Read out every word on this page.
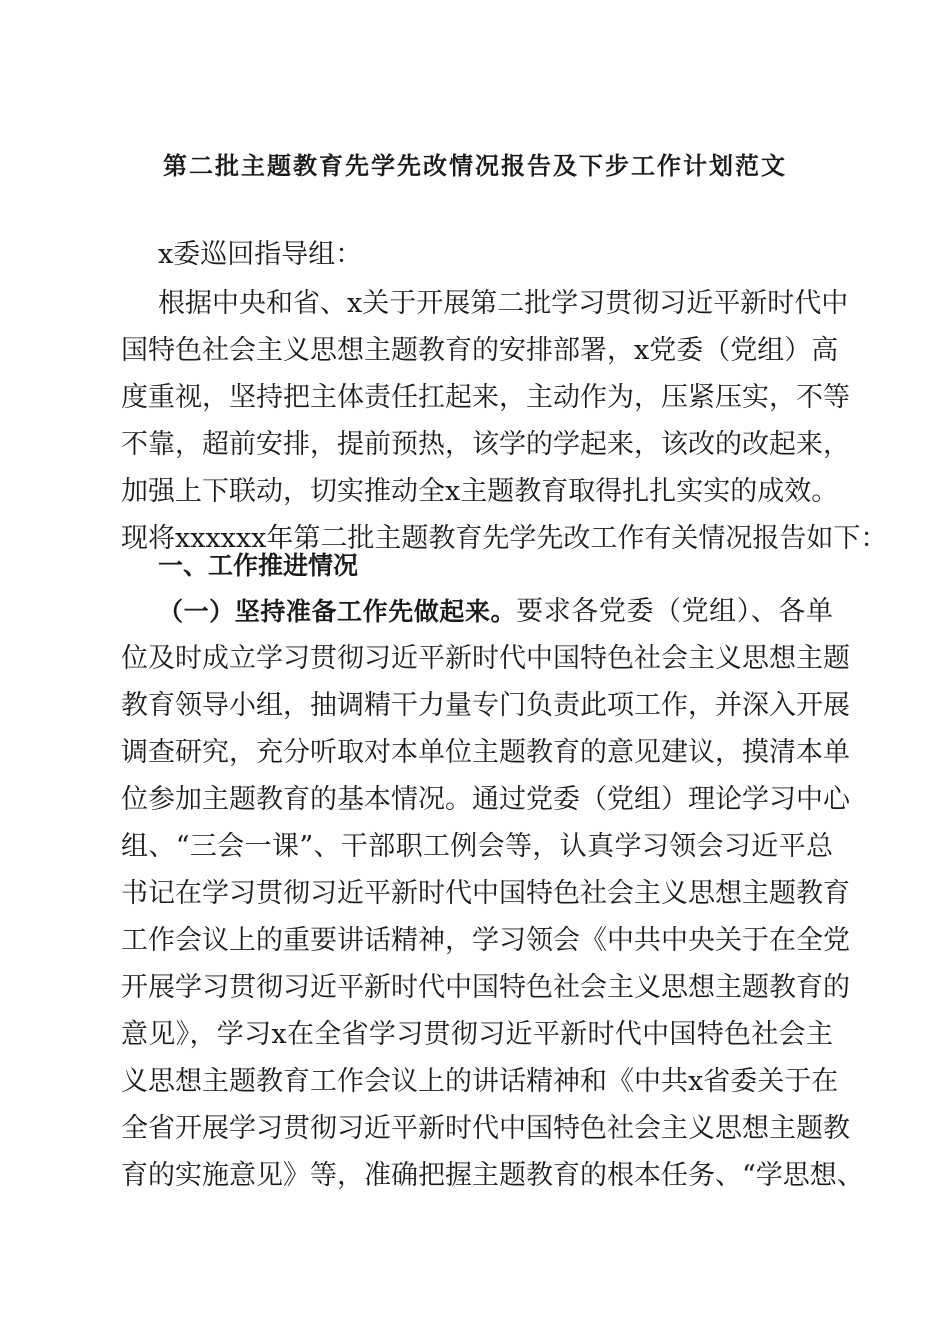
第二批主题教育先学先改情况报告及下步工作计划范文
x委巡回指导组：
根据中央和省、x关于开展第二批学习贯彻习近平新时代中
国特色社会主义思想主题教育的安排部署，x党委（党组）高
度重视，坚持把主体责任扛起来，主动作为，压紧压实，不等
不靠，超前安排，提前预热，该学的学起来，该改的改起来，
加强上下联动，切实推动全x主题教育取得扎扎实实的成效。
现将xxxxxx年第二批主题教育先学先改工作有关情况报告如下：
一、工作推进情况
（一）坚持准备工作先做起来。要求各党委（党组）、各单
位及时成立学习贯彻习近平新时代中国特色社会主义思想主题
教育领导小组，抽调精干力量专门负责此项工作，并深入开展
调查研究，充分听取对本单位主题教育的意见建议，摸清本单
位参加主题教育的基本情况。通过党委（党组）理论学习中心
组、“三会一课”、干部职工例会等，认真学习领会习近平总
书记在学习贯彻习近平新时代中国特色社会主义思想主题教育
工作会议上的重要讲话精神，学习领会《中共中央关于在全党
开展学习贯彻习近平新时代中国特色社会主义思想主题教育的
意见》，学习x在全省学习贯彻习近平新时代中国特色社会主
义思想主题教育工作会议上的讲话精神和《中共x省委关于在
全省开展学习贯彻习近平新时代中国特色社会主义思想主题教
育的实施意见》等，准确把握主题教育的根本任务、“学思想、
